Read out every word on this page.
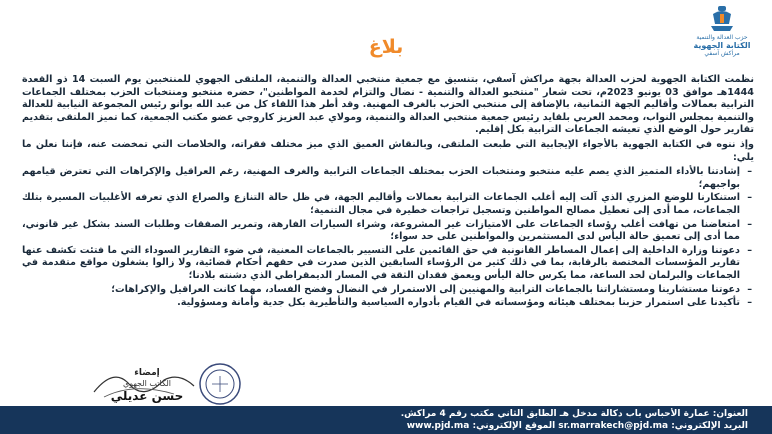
حزب العدالة والتنمية
الكتابة الجهوية
مراكش آسفي
بلاغ

نظمت الكتابة الجهوية لحزب العدالة بجهة مراكش آسفي، بتنسيق مع جمعية منتخبي العدالة والتنمية، الملتقى الجهوي للمنتخبين يوم السبت 14 ذو القعدة 1444هـ موافق 03 يونيو 2023م، تحت شعار "منتخبو العدالة والتنمية - نضال والتزام لخدمة المواطنين"، حضره منتخبو ومنتخبات الحزب بمختلف الجماعات الترابية بعمالات وأقاليم الجهة الثمانية، بالإضافة إلى منتخبي الحزب بالغرف المهنية. وقد أطر هذا اللقاء كل من عبد الله بوانو رئيس المجموعة النيابية للعدالة والتنمية بمجلس النواب، ومحمد العربي بلقايد رئيس جمعية منتخبي العدالة والتنمية، ومولاي عبد العزيز كاروجي عضو مكتب الجمعية، كما تميز الملتقى بتقديم تقارير حول الوضع الذي تعيشه الجماعات الترابية بكل إقليم.

وإذ ننوه في الكتابة الجهوية بالأجواء الإيجابية التي طبعت الملتقى، وبالنقاش العميق الذي ميز مختلف فقراته، والخلاصات التي تمخضت عنه، فإننا نعلن ما يلي:

– إشادتنا بالأداء المتميز الذي يصم عليه منتخبو ومنتخبات الحزب بمختلف الجماعات الترابية والغرف المهنية، رغم العراقيل والإكراهات التي تعترض قيامهم بواجبهم؛
– استنكارنا للوضع المزري الذي آلت إليه أغلب الجماعات الترابية بعمالات وأقاليم الجهة، في ظل حالة التنازع والصراع الذي تعرفه الأغلبيات المسيرة بتلك الجماعات، مما أدى إلى تعطيل مصالح المواطنين وتسجيل تراجعات خطيرة في مجال التنمية؛
– امتعاضنا من تهافت أغلب رؤساء الجماعات على الامتيازات غير المشروعة، وشراء السيارات الفارهة، وتمرير الصفقات وطلبات السند بشكل غير قانوني، مما أدى إلى تعميق حالة اليأس لدى المستثمرين والمواطنين على حد سواء؛
– دعوتنا وزارة الداخلية إلى إعمال المساطر القانونية في حق القائمين على التسيير بالجماعات المعنية، في ضوء التقارير السوداء التي ما فتئت تكشف عنها تقارير المؤسسات المختصة بالرقابة، بما في ذلك كثير من الرؤساء السابقين الذين صدرت في حقهم أحكام قضائية، ولا زالوا يشغلون مواقع متقدمة في الجماعات والبرلمان لحد الساعة، مما يكرس حالة اليأس ويعمق فقدان الثقة في المسار الديمقراطي الذي دشنته بلادنا؛
– دعوتنا مستشارينا ومستشاراتنا بالجماعات الترابية والمهنيين إلى الاستمرار في النضال وفضح الفساد، مهما كانت العراقيل والإكراهات؛
– تأكيدنا على استمرار حزبنا بمختلف هيئاته ومؤسساته في القيام بأدواره السياسية والتأطيرية بكل جدية وأمانة ومسؤولية.
إمضاء
الكاتب الجهوي
حسن عديلي
العنوان: عمارة الأحباس باب دكالة مدخل هـ الطابق الثاني مكتب رقم 4 مراكش.
البريد الإلكتروني: sr.marrakech@pjd.ma الموقع الإلكتروني: www.pjd.ma
